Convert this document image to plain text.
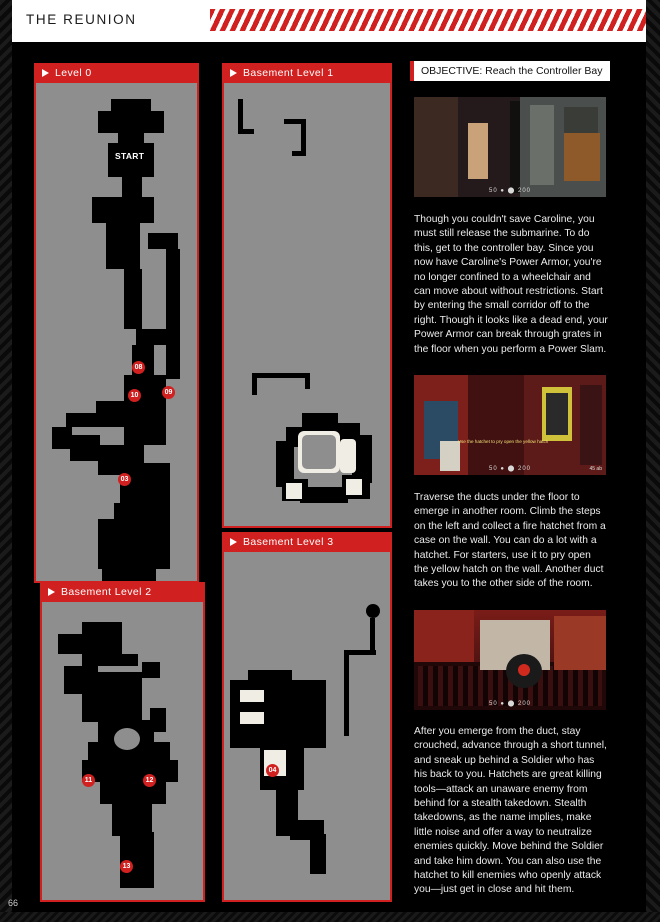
THE REUNION
Level 0
START
08
09
10
03
Basement Level 2
11	12
13
Basement Level 1
Basement Level 3
04
OBJECTIVE: Reach the Controller Bay
50 ● ⬤ 200
Though you couldn't save Caroline, you must still release the submarine. To do this, get to the controller bay. Since you now have Caroline's Power Armor, you're no longer confined to a wheelchair and can move about without restrictions. Start by entering the small corridor off to the right. Though it looks like a dead end, your Power Armor can break through grates in the floor when you perform a Power Slam.
Use the hatchet to pry open the yellow hatch
45 ab
50 ● ⬤ 200
Traverse the ducts under the floor to emerge in another room. Climb the steps on the left and collect a fire hatchet from a case on the wall. You can do a lot with a hatchet. For starters, use it to pry open the yellow hatch on the wall. Another duct takes you to the other side of the room.
50 ● ⬤ 200
After you emerge from the duct, stay crouched, advance through a short tunnel, and sneak up behind a Soldier who has his back to you. Hatchets are great killing tools—attack an unaware enemy from behind for a stealth takedown. Stealth takedowns, as the name implies, make little noise and offer a way to neutralize enemies quickly. Move behind the Soldier and take him down. You can also use the hatchet to kill enemies who openly attack you—just get in close and hit them.
66
